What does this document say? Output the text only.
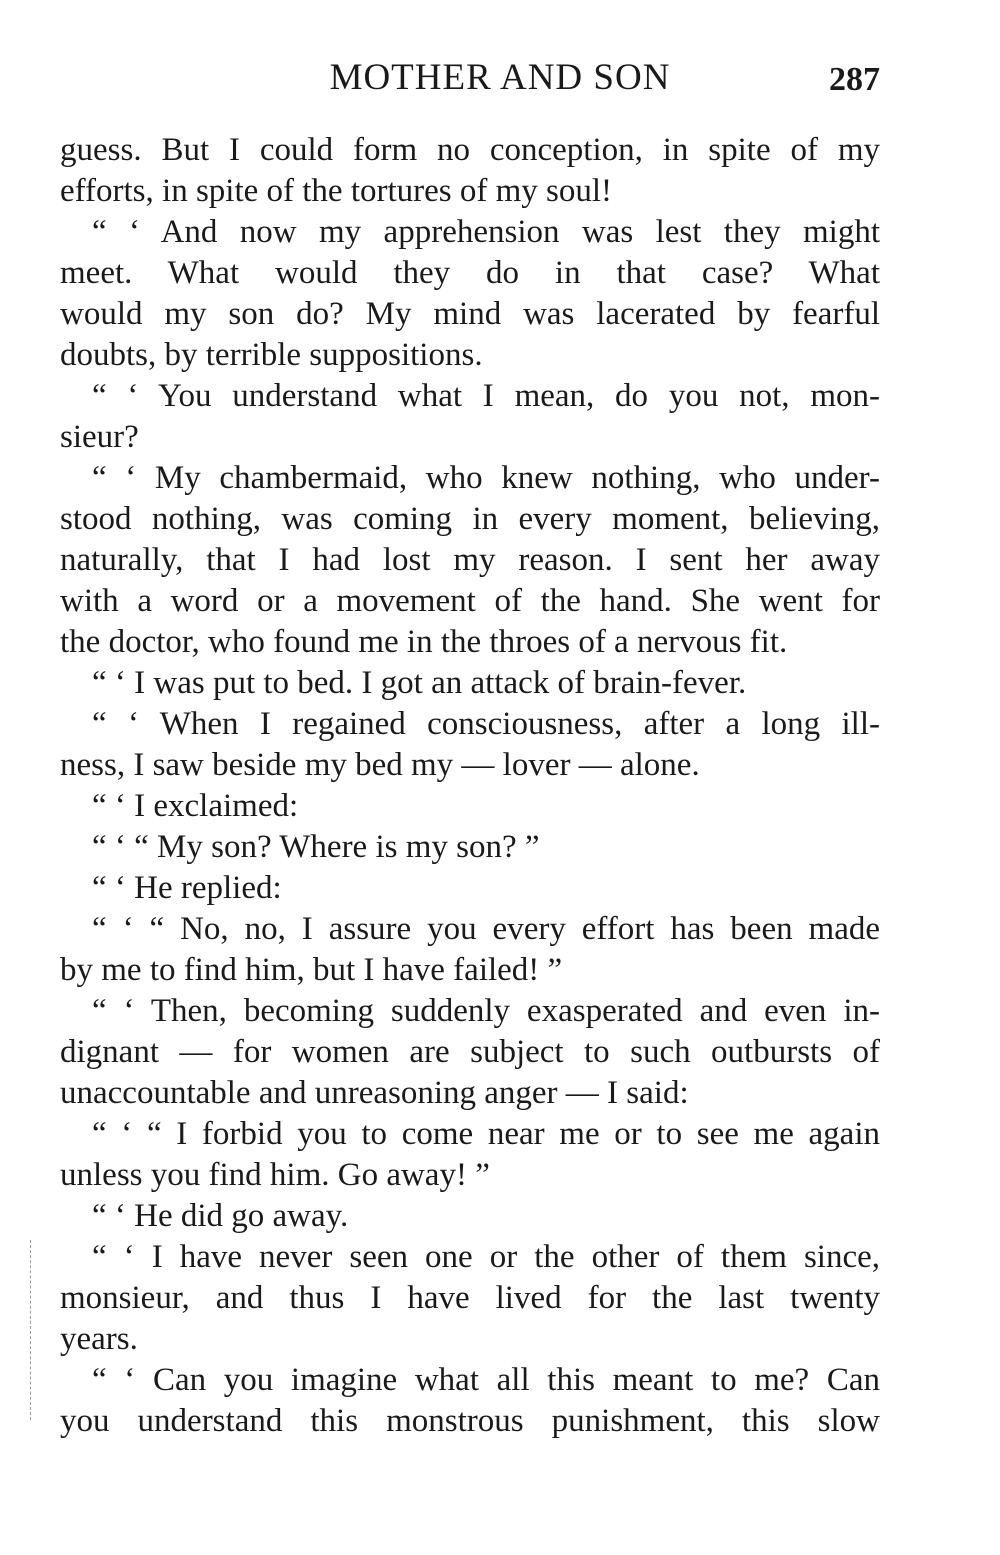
MOTHER AND SON	287
guess. But I could form no conception, in spite of my
efforts, in spite of the tortures of my soul!
“ ‘ And now my apprehension was lest they might
meet. What would they do in that case? What
would my son do? My mind was lacerated by fearful
doubts, by terrible suppositions.
“ ‘ You understand what I mean, do you not, mon-
sieur?
“ ‘ My chambermaid, who knew nothing, who under-
stood nothing, was coming in every moment, believing,
naturally, that I had lost my reason. I sent her away
with a word or a movement of the hand. She went for
the doctor, who found me in the throes of a nervous fit.
“ ‘ I was put to bed. I got an attack of brain-fever.
“ ‘ When I regained consciousness, after a long ill-
ness, I saw beside my bed my — lover — alone.
“ ‘ I exclaimed:
“ ‘ “ My son? Where is my son? ”
“ ‘ He replied:
“ ‘ “ No, no, I assure you every effort has been made
by me to find him, but I have failed! ”
“ ‘ Then, becoming suddenly exasperated and even in-
dignant — for women are subject to such outbursts of
unaccountable and unreasoning anger — I said:
“ ‘ “ I forbid you to come near me or to see me again
unless you find him. Go away! ”
“ ‘ He did go away.
“ ‘ I have never seen one or the other of them since,
monsieur, and thus I have lived for the last twenty
years.
“ ‘ Can you imagine what all this meant to me? Can
you understand this monstrous punishment, this slow
